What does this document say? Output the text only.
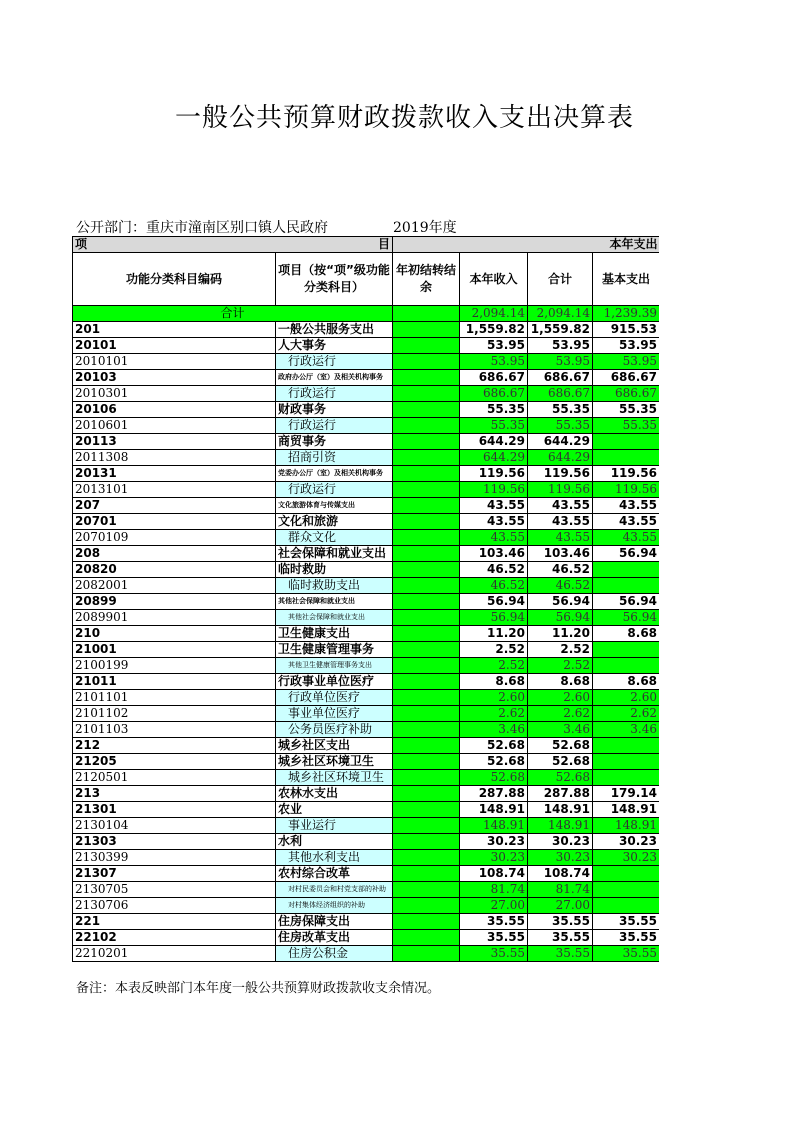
一般公共预算财政拨款收入支出决算表
公开部门：重庆市潼南区别口镇人民政府	2019年度
项	目			本年支出	
功能分类科目编码	项目（按“项”级功能分类科目）	年初结转结余	本年收入	合计	基本支出
合计			2,094.14	2,094.14	1,239.39
201	一般公共服务支出		1,559.82	1,559.82	915.53
20101	人大事务		53.95	53.95	53.95
2010101	行政运行		53.95	53.95	53.95
20103	政府办公厅（室）及相关机构事务		686.67	686.67	686.67
2010301	行政运行		686.67	686.67	686.67
20106	财政事务		55.35	55.35	55.35
2010601	行政运行		55.35	55.35	55.35
20113	商贸事务		644.29	644.29	
2011308	招商引资		644.29	644.29	
20131	党委办公厅（室）及相关机构事务		119.56	119.56	119.56
2013101	行政运行		119.56	119.56	119.56
207	文化旅游体育与传媒支出		43.55	43.55	43.55
20701	文化和旅游		43.55	43.55	43.55
2070109	群众文化		43.55	43.55	43.55
208	社会保障和就业支出		103.46	103.46	56.94
20820	临时救助		46.52	46.52	
2082001	临时救助支出		46.52	46.52	
20899	其他社会保障和就业支出		56.94	56.94	56.94
2089901	其他社会保障和就业支出		56.94	56.94	56.94
210	卫生健康支出		11.20	11.20	8.68
21001	卫生健康管理事务		2.52	2.52	
2100199	其他卫生健康管理事务支出		2.52	2.52	
21011	行政事业单位医疗		8.68	8.68	8.68
2101101	行政单位医疗		2.60	2.60	2.60
2101102	事业单位医疗		2.62	2.62	2.62
2101103	公务员医疗补助		3.46	3.46	3.46
212	城乡社区支出		52.68	52.68	
21205	城乡社区环境卫生		52.68	52.68	
2120501	城乡社区环境卫生		52.68	52.68	
213	农林水支出		287.88	287.88	179.14
21301	农业		148.91	148.91	148.91
2130104	事业运行		148.91	148.91	148.91
21303	水利		30.23	30.23	30.23
2130399	其他水利支出		30.23	30.23	30.23
21307	农村综合改革		108.74	108.74	
2130705	对村民委员会和村党支部的补助		81.74	81.74	
2130706	对村集体经济组织的补助		27.00	27.00	
221	住房保障支出		35.55	35.55	35.55
22102	住房改革支出		35.55	35.55	35.55
2210201	住房公积金		35.55	35.55	35.55
备注：本表反映部门本年度一般公共预算财政拨款收支余情况。
